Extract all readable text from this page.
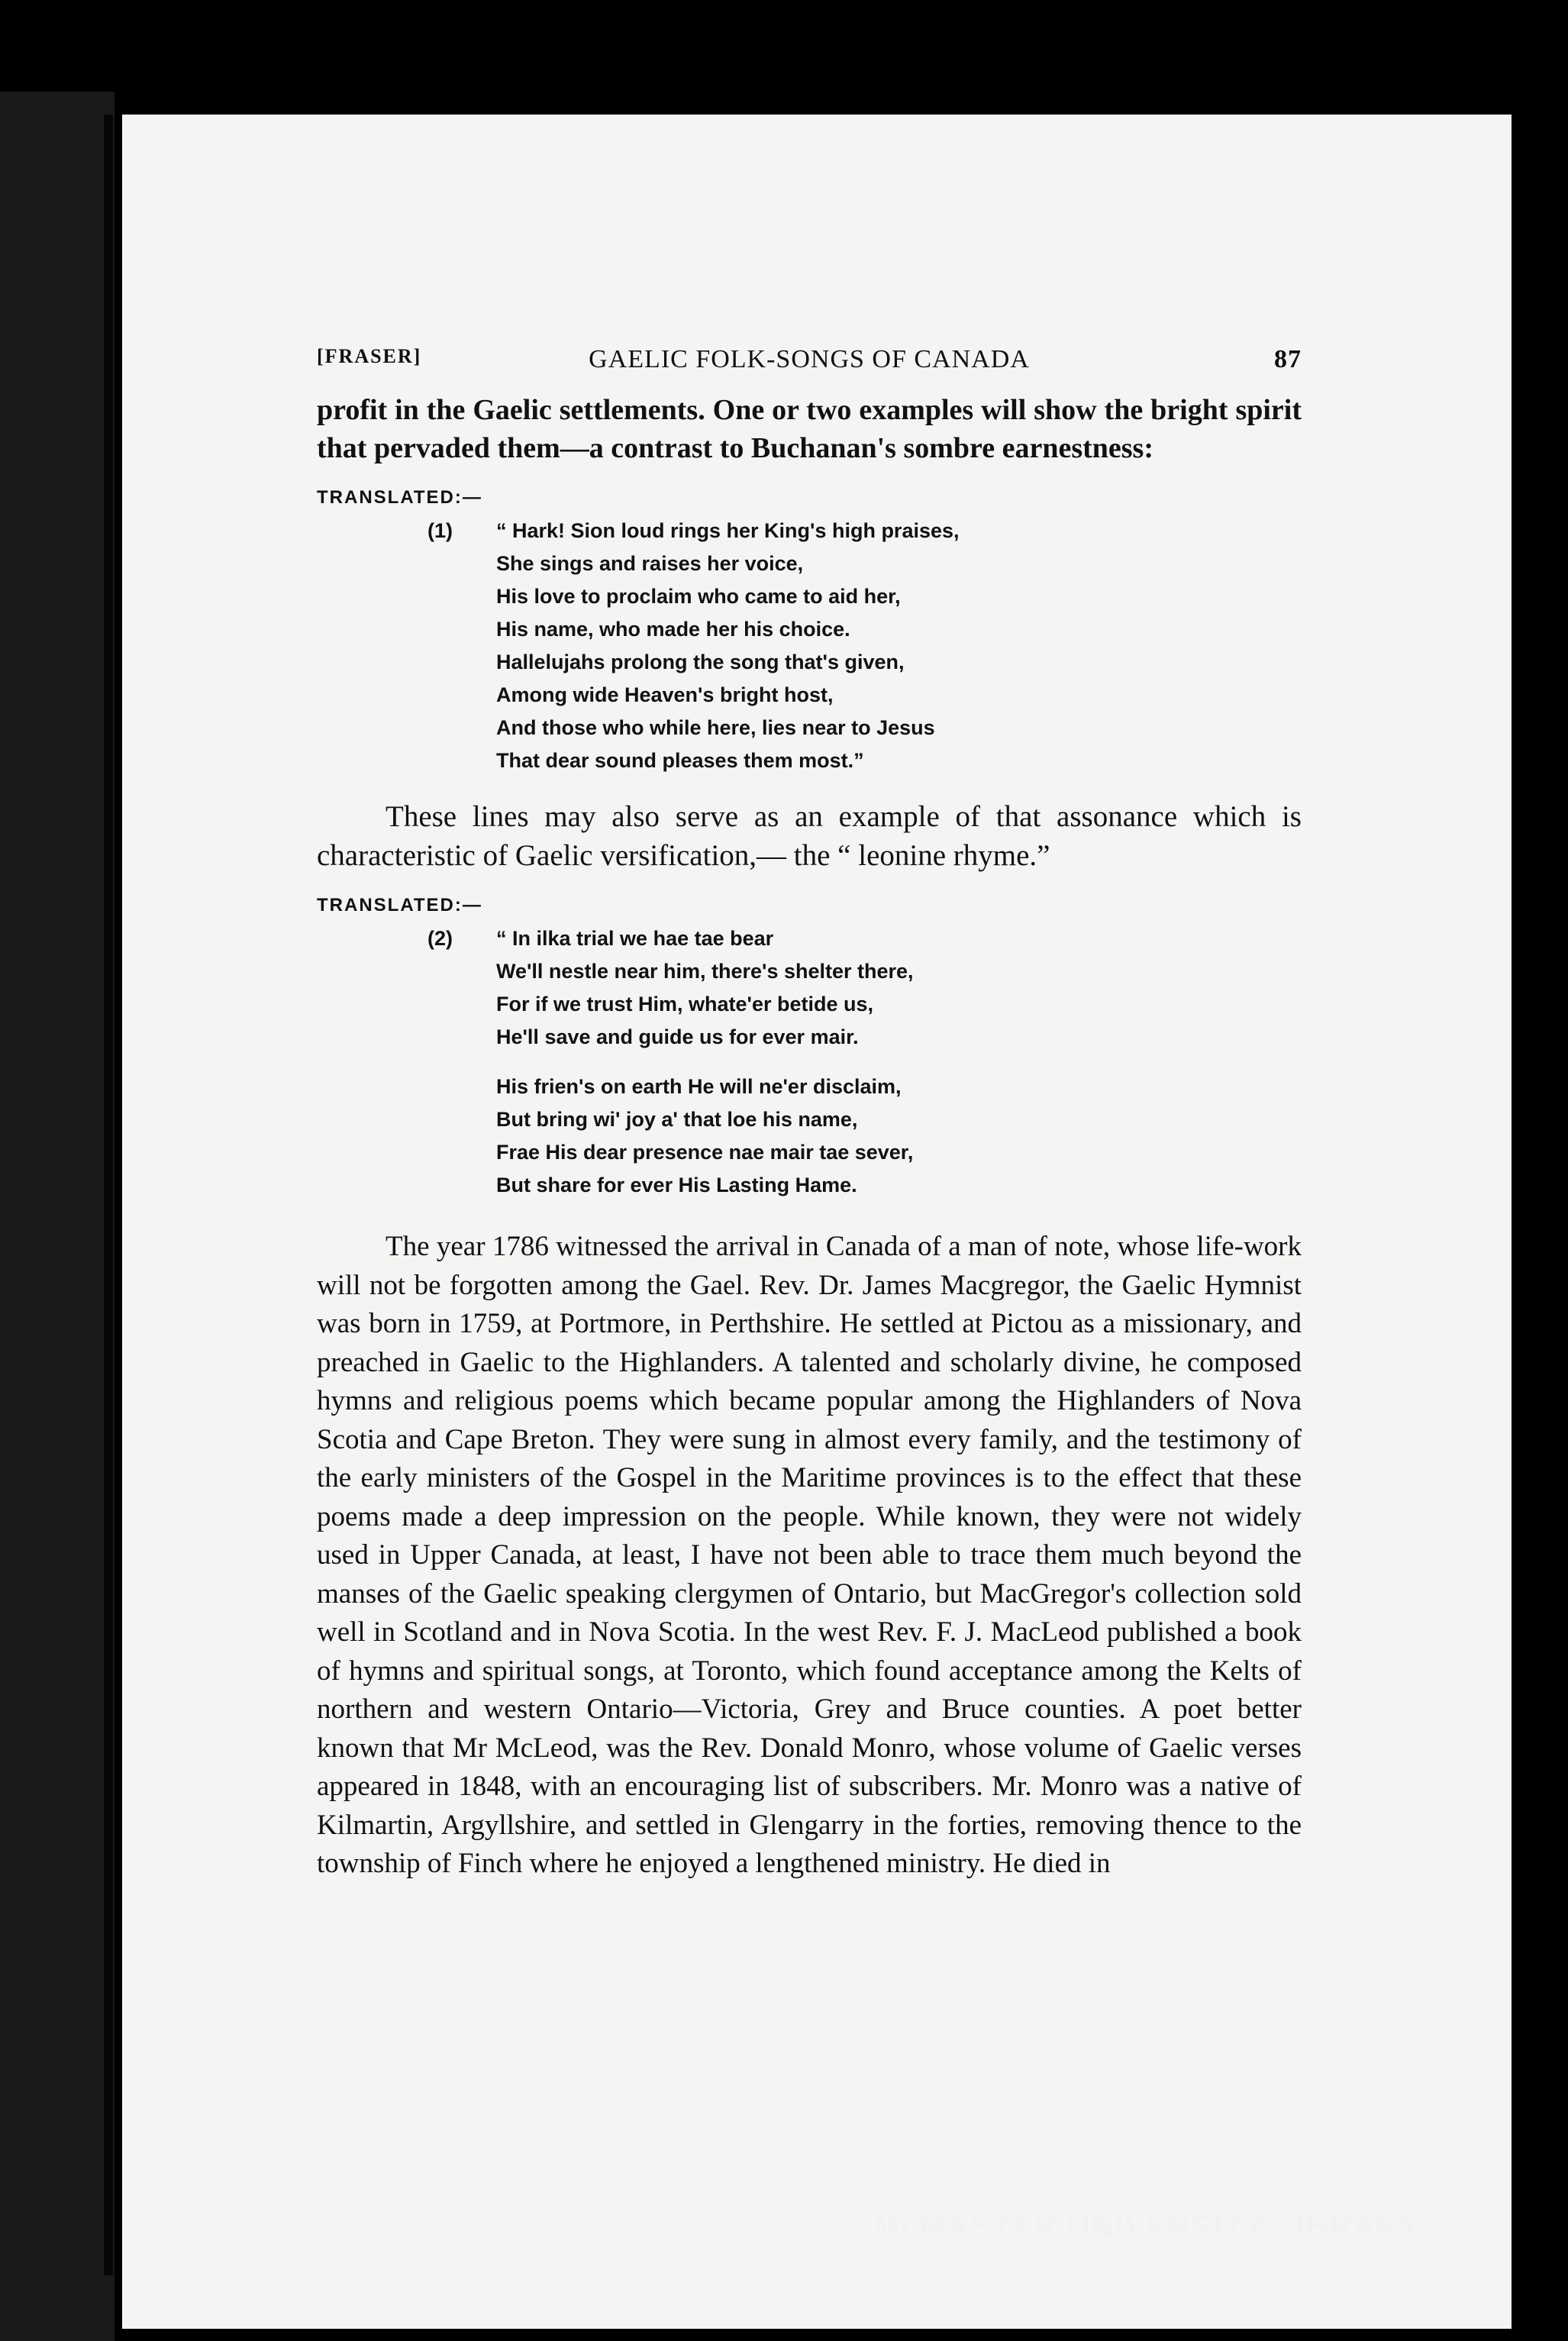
[FRASER]	GAELIC FOLK-SONGS OF CANADA	87

profit in the Gaelic settlements. One or two examples will show the bright spirit that pervaded them—a contrast to Buchanan's sombre earnestness:

TRANSLATED:—
(1) “ Hark! Sion loud rings her King's high praises,
She sings and raises her voice,
His love to proclaim who came to aid her,
His name, who made her his choice.
Hallelujahs prolong the song that's given,
Among wide Heaven's bright host,
And those who while here, lies near to Jesus
That dear sound pleases them most.”

These lines may also serve as an example of that assonance which is characteristic of Gaelic versification,— the “ leonine rhyme.”

TRANSLATED:—
(2) “ In ilka trial we hae tae bear
We'll nestle near him, there's shelter there,
For if we trust Him, whate'er betide us,
He'll save and guide us for ever mair.
His frien's on earth He will ne'er disclaim,
But bring wi' joy a' that loe his name,
Frae His dear presence nae mair tae sever,
But share for ever His Lasting Hame.

The year 1786 witnessed the arrival in Canada of a man of note, whose life-work will not be forgotten among the Gael. Rev. Dr. James Macgregor, the Gaelic Hymnist was born in 1759, at Portmore, in Perthshire. He settled at Pictou as a missionary, and preached in Gaelic to the Highlanders. A talented and scholarly divine, he composed hymns and religious poems which became popular among the Highlanders of Nova Scotia and Cape Breton. They were sung in almost every family, and the testimony of the early ministers of the Gospel in the Maritime provinces is to the effect that these poems made a deep impression on the people. While known, they were not widely used in Upper Canada, at least, I have not been able to trace them much beyond the manses of the Gaelic speaking clergymen of Ontario, but MacGregor's collection sold well in Scotland and in Nova Scotia. In the west Rev. F. J. MacLeod published a book of hymns and spiritual songs, at Toronto, which found acceptance among the Kelts of northern and western Ontario—Victoria, Grey and Bruce counties. A poet better known that Mr McLeod, was the Rev. Donald Monro, whose volume of Gaelic verses appeared in 1848, with an encouraging list of subscribers. Mr. Monro was a native of Kilmartin, Argyllshire, and settled in Glengarry in the forties, removing thence to the township of Finch where he enjoyed a lengthened ministry. He died in

McMASTER UNIVERSITY LIBRARY
